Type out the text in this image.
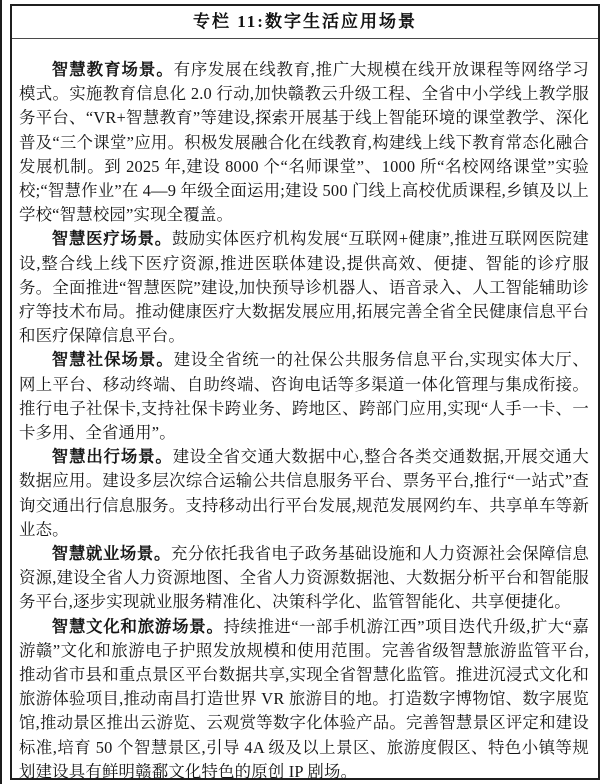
专栏 11:数字生活应用场景

智慧教育场景。有序发展在线教育,推广大规模在线开放课程等网络学习模式。实施教育信息化 2.0 行动,加快赣教云升级工程、全省中小学线上教学服务平台、“VR+智慧教育”等建设,探索开展基于线上智能环境的课堂教学、深化普及“三个课堂”应用。积极发展融合化在线教育,构建线上线下教育常态化融合发展机制。到 2025 年,建设 8000 个“名师课堂”、1000 所“名校网络课堂”实验校;“智慧作业”在 4—9 年级全面运用;建设 500 门线上高校优质课程,乡镇及以上学校“智慧校园”实现全覆盖。

智慧医疗场景。鼓励实体医疗机构发展“互联网+健康”,推进互联网医院建设,整合线上线下医疗资源,推进医联体建设,提供高效、便捷、智能的诊疗服务。全面推进“智慧医院”建设,加快预导诊机器人、语音录入、人工智能辅助诊疗等技术布局。推动健康医疗大数据发展应用,拓展完善全省全民健康信息平台和医疗保障信息平台。

智慧社保场景。建设全省统一的社保公共服务信息平台,实现实体大厅、网上平台、移动终端、自助终端、咨询电话等多渠道一体化管理与集成衔接。推行电子社保卡,支持社保卡跨业务、跨地区、跨部门应用,实现“人手一卡、一卡多用、全省通用”。

智慧出行场景。建设全省交通大数据中心,整合各类交通数据,开展交通大数据应用。建设多层次综合运输公共信息服务平台、票务平台,推行“一站式”查询交通出行信息服务。支持移动出行平台发展,规范发展网约车、共享单车等新业态。

智慧就业场景。充分依托我省电子政务基础设施和人力资源社会保障信息资源,建设全省人力资源地图、全省人力资源数据池、大数据分析平台和智能服务平台,逐步实现就业服务精准化、决策科学化、监管智能化、共享便捷化。

智慧文化和旅游场景。持续推进“一部手机游江西”项目迭代升级,扩大“嘉游赣”文化和旅游电子护照发放规模和使用范围。完善省级智慧旅游监管平台,推动省市县和重点景区平台数据共享,实现全省智慧化监管。推进沉浸式文化和旅游体验项目,推动南昌打造世界 VR 旅游目的地。打造数字博物馆、数字展览馆,推动景区推出云游览、云观赏等数字化体验产品。完善智慧景区评定和建设标准,培育 50 个智慧景区,引导 4A 级及以上景区、旅游度假区、特色小镇等规划建设具有鲜明赣鄱文化特色的原创 IP 剧场。
